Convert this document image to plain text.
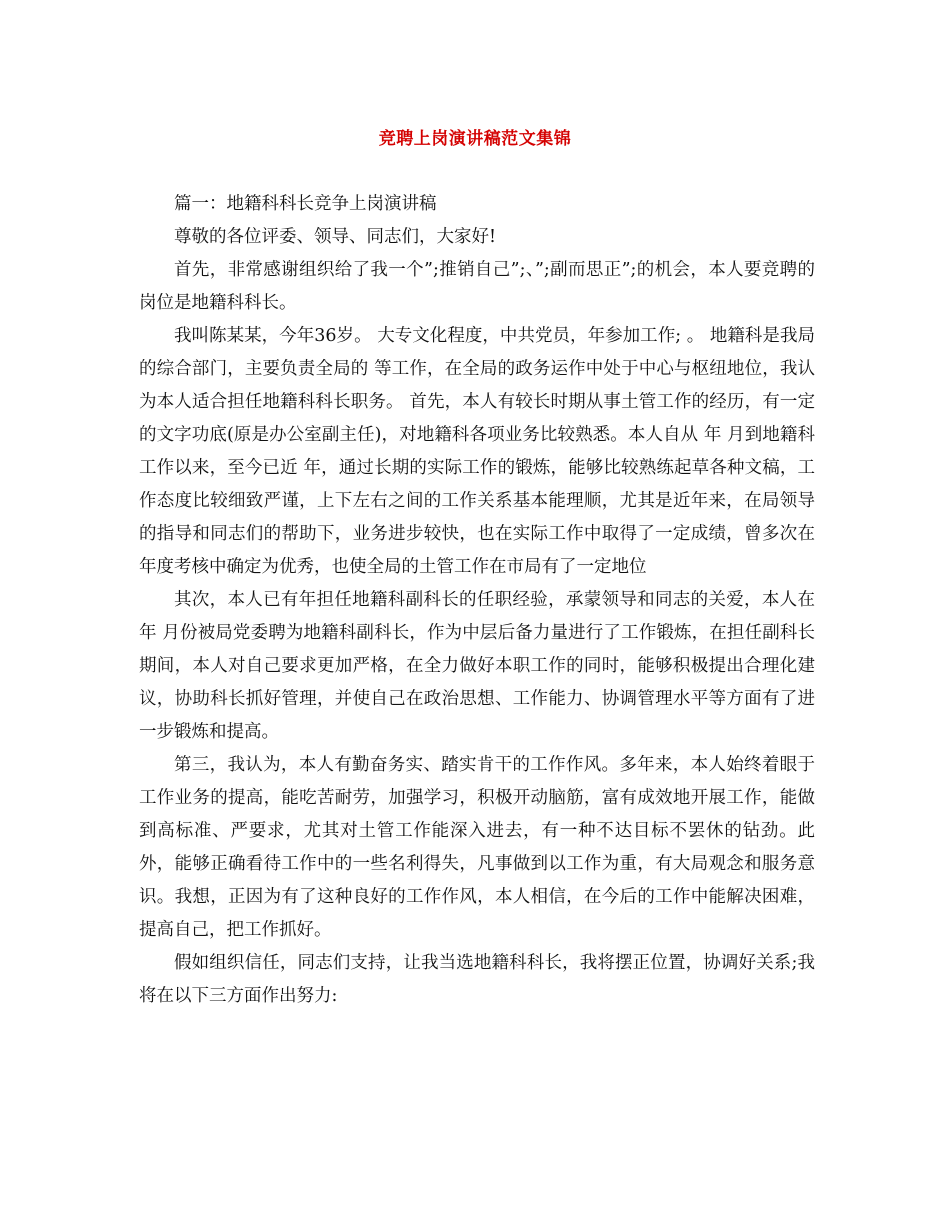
竞聘上岗演讲稿范文集锦

篇一：地籍科科长竞争上岗演讲稿

尊敬的各位评委、领导、同志们，大家好!

首先，非常感谢组织给了我一个”;推销自己”;、”;副而思正”;的机会，本人要竞聘的岗位是地籍科科长。

我叫陈某某，今年36岁。 大专文化程度，中共党员，年参加工作; 。 地籍科是我局的综合部门，主要负责全局的 等工作，在全局的政务运作中处于中心与枢纽地位，我认为本人适合担任地籍科科长职务。 首先，本人有较长时期从事土管工作的经历，有一定的文字功底(原是办公室副主任)，对地籍科各项业务比较熟悉。本人自从 年 月到地籍科工作以来，至今已近 年，通过长期的实际工作的锻炼，能够比较熟练起草各种文稿，工作态度比较细致严谨，上下左右之间的工作关系基本能理顺，尤其是近年来，在局领导的指导和同志们的帮助下，业务进步较快，也在实际工作中取得了一定成绩，曾多次在年度考核中确定为优秀，也使全局的土管工作在市局有了一定地位

其次，本人已有年担任地籍科副科长的任职经验，承蒙领导和同志的关爱，本人在年 月份被局党委聘为地籍科副科长，作为中层后备力量进行了工作锻炼，在担任副科长期间，本人对自己要求更加严格，在全力做好本职工作的同时，能够积极提出合理化建议，协助科长抓好管理，并使自己在政治思想、工作能力、协调管理水平等方面有了进一步锻炼和提高。

第三，我认为，本人有勤奋务实、踏实肯干的工作作风。多年来，本人始终着眼于工作业务的提高，能吃苦耐劳，加强学习，积极开动脑筋，富有成效地开展工作，能做到高标准、严要求，尤其对土管工作能深入进去，有一种不达目标不罢休的钻劲。此外，能够正确看待工作中的一些名利得失，凡事做到以工作为重，有大局观念和服务意识。我想，正因为有了这种良好的工作作风，本人相信，在今后的工作中能解决困难，提高自己，把工作抓好。

假如组织信任，同志们支持，让我当选地籍科科长，我将摆正位置，协调好关系;我将在以下三方面作出努力:
